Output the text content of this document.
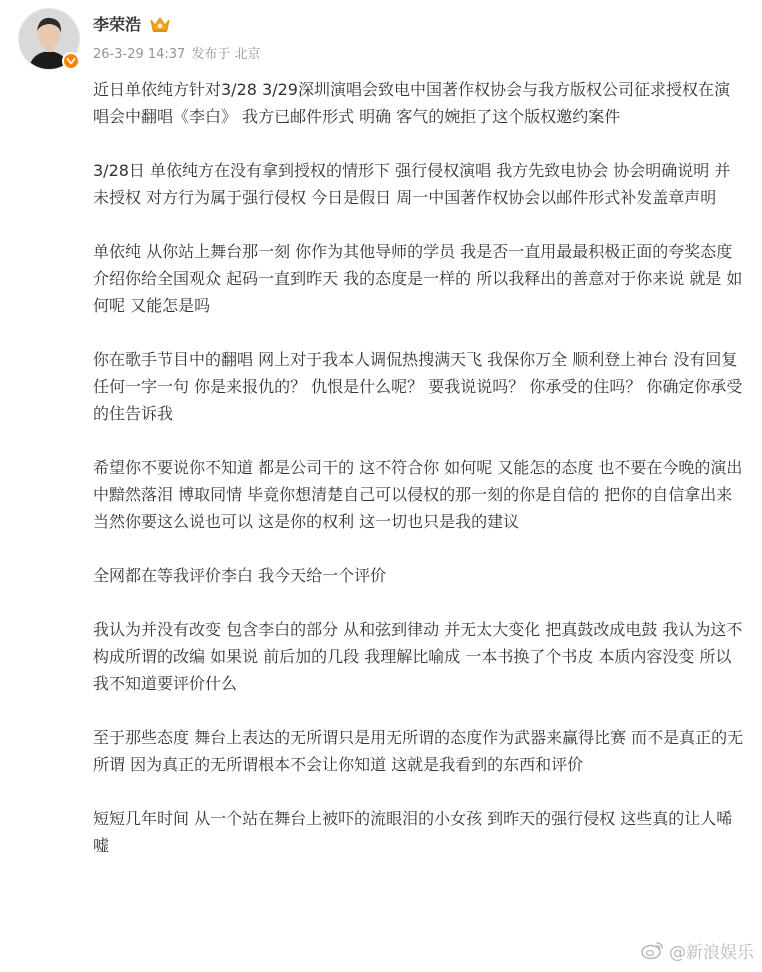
李荣浩
26-3-29 14:37 发布于 北京

近日单依纯方针对3/28 3/29深圳演唱会致电中国著作权协会与我方版权公司征求授权在演唱会中翻唱《李白》 我方已邮件形式 明确 客气的婉拒了这个版权邀约案件

3/28日 单依纯方在没有拿到授权的情形下 强行侵权演唱 我方先致电协会 协会明确说明 并未授权 对方行为属于强行侵权 今日是假日 周一中国著作权协会以邮件形式补发盖章声明

单依纯 从你站上舞台那一刻 你作为其他导师的学员 我是否一直用最最积极正面的夸奖态度介绍你给全国观众 起码一直到昨天 我的态度是一样的 所以我释出的善意对于你来说 就是 如何呢 又能怎是吗

你在歌手节目中的翻唱 网上对于我本人调侃热搜满天飞 我保你万全 顺利登上神台 没有回复任何一字一句 你是来报仇的？ 仇恨是什么呢？ 要我说说吗？ 你承受的住吗？ 你确定你承受的住告诉我

希望你不要说你不知道 都是公司干的 这不符合你 如何呢 又能怎的态度 也不要在今晚的演出中黯然落泪 博取同情 毕竟你想清楚自己可以侵权的那一刻的你是自信的 把你的自信拿出来 当然你要这么说也可以 这是你的权利 这一切也只是我的建议

全网都在等我评价李白 我今天给一个评价

我认为并没有改变 包含李白的部分 从和弦到律动 并无太大变化 把真鼓改成电鼓 我认为这不构成所谓的改编 如果说 前后加的几段 我理解比喻成 一本书换了个书皮 本质内容没变 所以我不知道要评价什么

至于那些态度 舞台上表达的无所谓只是用无所谓的态度作为武器来赢得比赛 而不是真正的无所谓 因为真正的无所谓根本不会让你知道 这就是我看到的东西和评价

短短几年时间 从一个站在舞台上被吓的流眼泪的小女孩 到昨天的强行侵权 这些真的让人唏嘘

@新浪娱乐
